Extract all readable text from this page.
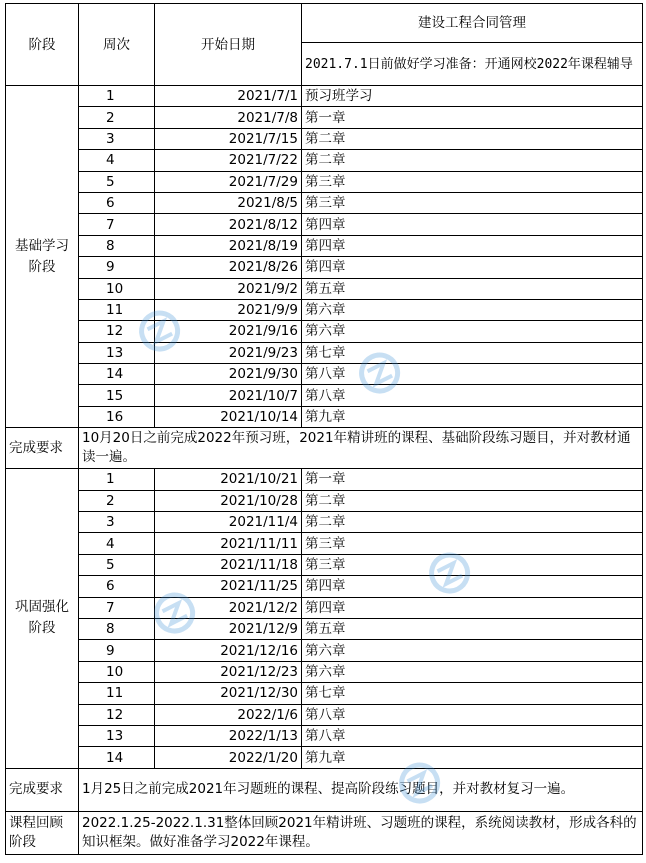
阶段	周次	开始日期	建设工程合同管理
			2021.7.1日前做好学习准备：开通网校2022年课程辅导
基础学习阶段	1	2021/7/1	预习班学习
	2	2021/7/8	第一章
	3	2021/7/15	第二章
	4	2021/7/22	第二章
	5	2021/7/29	第三章
	6	2021/8/5	第三章
	7	2021/8/12	第四章
	8	2021/8/19	第四章
	9	2021/8/26	第四章
	10	2021/9/2	第五章
	11	2021/9/9	第六章
	12	2021/9/16	第六章
	13	2021/9/23	第七章
	14	2021/9/30	第八章
	15	2021/10/7	第八章
	16	2021/10/14	第九章
完成要求	10月20日之前完成2022年预习班，2021年精讲班的课程、基础阶段练习题目，并对教材通读一遍。		
巩固强化阶段	1	2021/10/21	第一章
	2	2021/10/28	第二章
	3	2021/11/4	第二章
	4	2021/11/11	第三章
	5	2021/11/18	第三章
	6	2021/11/25	第四章
	7	2021/12/2	第四章
	8	2021/12/9	第五章
	9	2021/12/16	第六章
	10	2021/12/23	第六章
	11	2021/12/30	第七章
	12	2022/1/6	第八章
	13	2022/1/13	第八章
	14	2022/1/20	第九章
完成要求	1月25日之前完成2021年习题班的课程、提高阶段练习题目，并对教材复习一遍。		
课程回顾阶段	2022.1.25-2022.1.31整体回顾2021年精讲班、习题班的课程，系统阅读教材，形成各科的知识框架。做好准备学习2022年课程。		
